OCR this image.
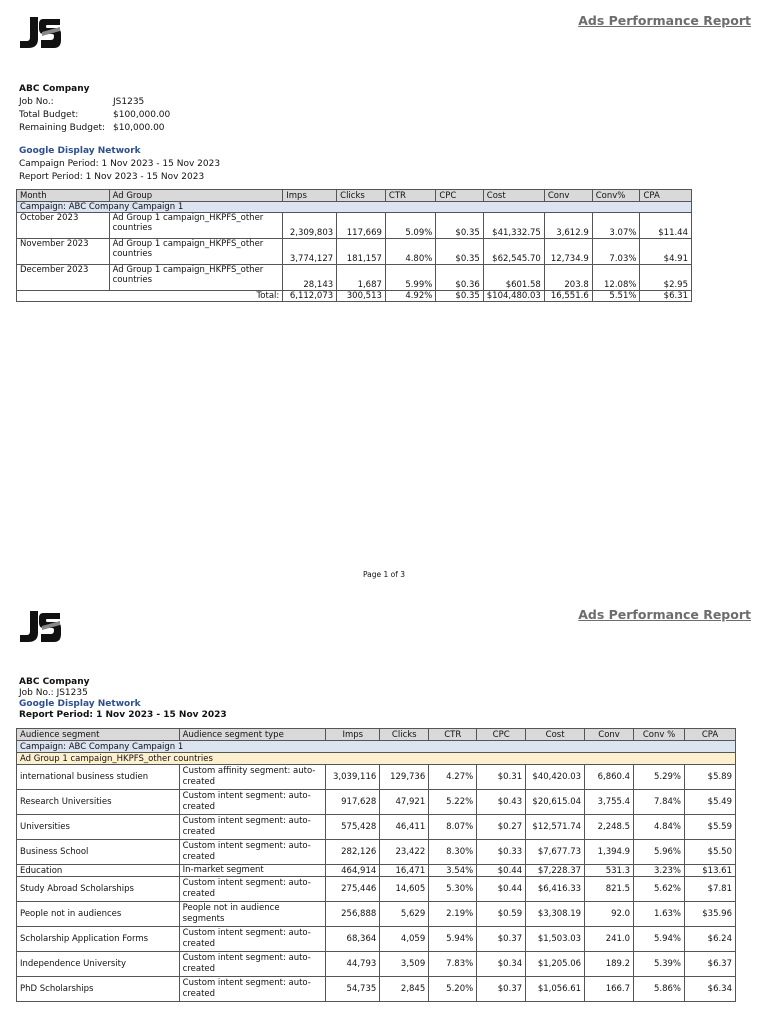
Ads Performance Report
ABC Company
Job No.:	JS1235
Total Budget:	$100,000.00
Remaining Budget: $10,000.00
Google Display Network
Campaign Period: 1 Nov 2023 - 15 Nov 2023
Report Period: 1 Nov 2023 - 15 Nov 2023
Month	Ad Group	Imps	Clicks	CTR	CPC	Cost	Conv	Conv%	CPA
Campaign: ABC Company Campaign 1									
October 2023	Ad Group 1 campaign_HKPFS_other countries	2,309,803	117,669	5.09%	$0.35	$41,332.75	3,612.9	3.07%	$11.44
November 2023	Ad Group 1 campaign_HKPFS_other countries	3,774,127	181,157	4.80%	$0.35	$62,545.70	12,734.9	7.03%	$4.91
December 2023	Ad Group 1 campaign_HKPFS_other countries	28,143	1,687	5.99%	$0.36	$601.58	203.8	12.08%	$2.95
Total:		6,112,073	300,513	4.92%	$0.35	$104,480.03	16,551.6	5.51%	$6.31
Page 1 of 3
Ads Performance Report
ABC Company
Job No.: JS1235
Google Display Network
Report Period: 1 Nov 2023 - 15 Nov 2023
Audience segment	Audience segment type	Imps	Clicks	CTR	CPC	Cost	Conv	Conv %	CPA
Campaign: ABC Company Campaign 1									
Ad Group 1 campaign_HKPFS_other countries									
international business studien	Custom affinity segment: auto-created	3,039,116	129,736	4.27%	$0.31	$40,420.03	6,860.4	5.29%	$5.89
Research Universities	Custom intent segment: auto-created	917,628	47,921	5.22%	$0.43	$20,615.04	3,755.4	7.84%	$5.49
Universities	Custom intent segment: auto-created	575,428	46,411	8.07%	$0.27	$12,571.74	2,248.5	4.84%	$5.59
Business School	Custom intent segment: auto-created	282,126	23,422	8.30%	$0.33	$7,677.73	1,394.9	5.96%	$5.50
Education	In-market segment	464,914	16,471	3.54%	$0.44	$7,228.37	531.3	3.23%	$13.61
Study Abroad Scholarships	Custom intent segment: auto-created	275,446	14,605	5.30%	$0.44	$6,416.33	821.5	5.62%	$7.81
People not in audiences	People not in audience segments	256,888	5,629	2.19%	$0.59	$3,308.19	92.0	1.63%	$35.96
Scholarship Application Forms	Custom intent segment: auto-created	68,364	4,059	5.94%	$0.37	$1,503.03	241.0	5.94%	$6.24
Independence University	Custom intent segment: auto-created	44,793	3,509	7.83%	$0.34	$1,205.06	189.2	5.39%	$6.37
PhD Scholarships	Custom intent segment: auto-created	54,735	2,845	5.20%	$0.37	$1,056.61	166.7	5.86%	$6.34
